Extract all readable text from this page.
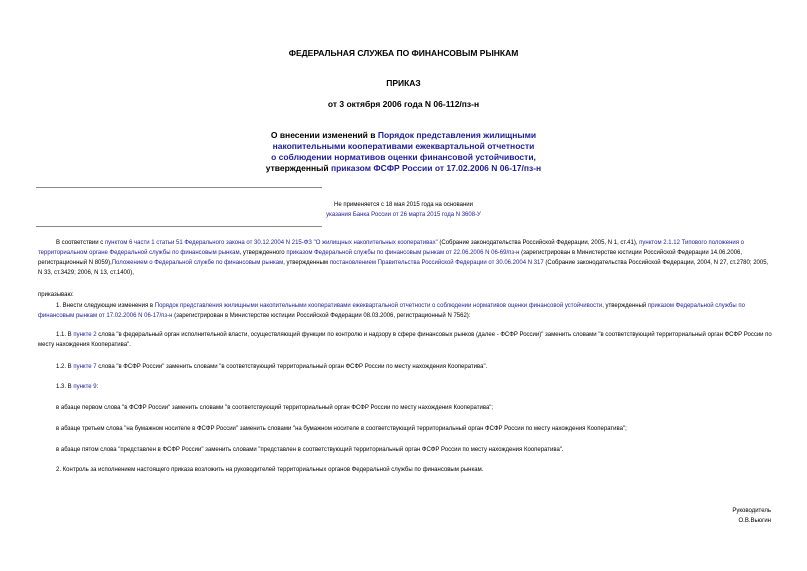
ФЕДЕРАЛЬНАЯ СЛУЖБА ПО ФИНАНСОВЫМ РЫНКАМ
ПРИКАЗ
от 3 октября 2006 года N 06-112/пз-н
О внесении изменений в Порядок представления жилищными
накопительными кооперативами ежеквартальной отчетности
о соблюдении нормативов оценки финансовой устойчивости,
утвержденный приказом ФСФР России от 17.02.2006 N 06-17/пз-н
Не применяется с 18 мая 2015 года на основании
указания Банка России от 26 марта 2015 года N 3608-У
В соответствии с пунктом 6 части 1 статьи 51 Федерального закона от 30.12.2004 N 215-ФЗ "О жилищных накопительных кооперативах" (Собрание законодательства Российской Федерации, 2005, N 1, ст.41), пунктом 2.1.12 Типового положения о территориальном органе Федеральной службы по финансовым рынкам, утвержденного приказом Федеральной службы по финансовым рынкам от 22.06.2006 N 06-69/пз-н (зарегистрирован в Министерстве юстиции Российской Федерации 14.06.2006, регистрационный N 8059),Положением о Федеральной службе по финансовым рынкам, утвержденным постановлением Правительства Российской Федерации от 30.06.2004 N 317 (Собрание законодательства Российской Федерации, 2004, N 27, ст.2780; 2005, N 33, ст.3429; 2006, N 13, ст.1400),
приказываю:
1. Внести следующие изменения в Порядок представления жилищными накопительными кооперативами ежеквартальной отчетности о соблюдении нормативов оценки финансовой устойчивости, утвержденный приказом Федеральной службы по финансовым рынкам от 17.02.2006 N 06-17/пз-н (зарегистрирован в Министерстве юстиции Российской Федерации 08.03.2006, регистрационный N 7562):
1.1. В пункте 2 слова "в федеральный орган исполнительной власти, осуществляющий функции по контролю и надзору в сфере финансовых рынков (далее - ФСФР России)" заменить словами "в соответствующий территориальный орган ФСФР России по месту нахождения Кооператива".
1.2. В пункте 7 слова "в ФСФР России" заменить словами "в соответствующий территориальный орган ФСФР России по месту нахождения Кооператива".
1.3. В пункте 9:
в абзаце первом слова "в ФСФР России" заменить словами "в соответствующий территориальный орган ФСФР России по месту нахождения Кооператива";
в абзаце третьем слова "на бумажном носителе в ФСФР России" заменить словами "на бумажном носителе в соответствующий территориальный орган ФСФР России по месту нахождения Кооператива";
в абзаце пятом слова "представлен в ФСФР России" заменить словами "представлен в соответствующий территориальный орган ФСФР России по месту нахождения Кооператива".
2. Контроль за исполнением настоящего приказа возложить на руководителей территориальных органов Федеральной службы по финансовым рынкам.
Руководитель
О.В.Вьюгин
